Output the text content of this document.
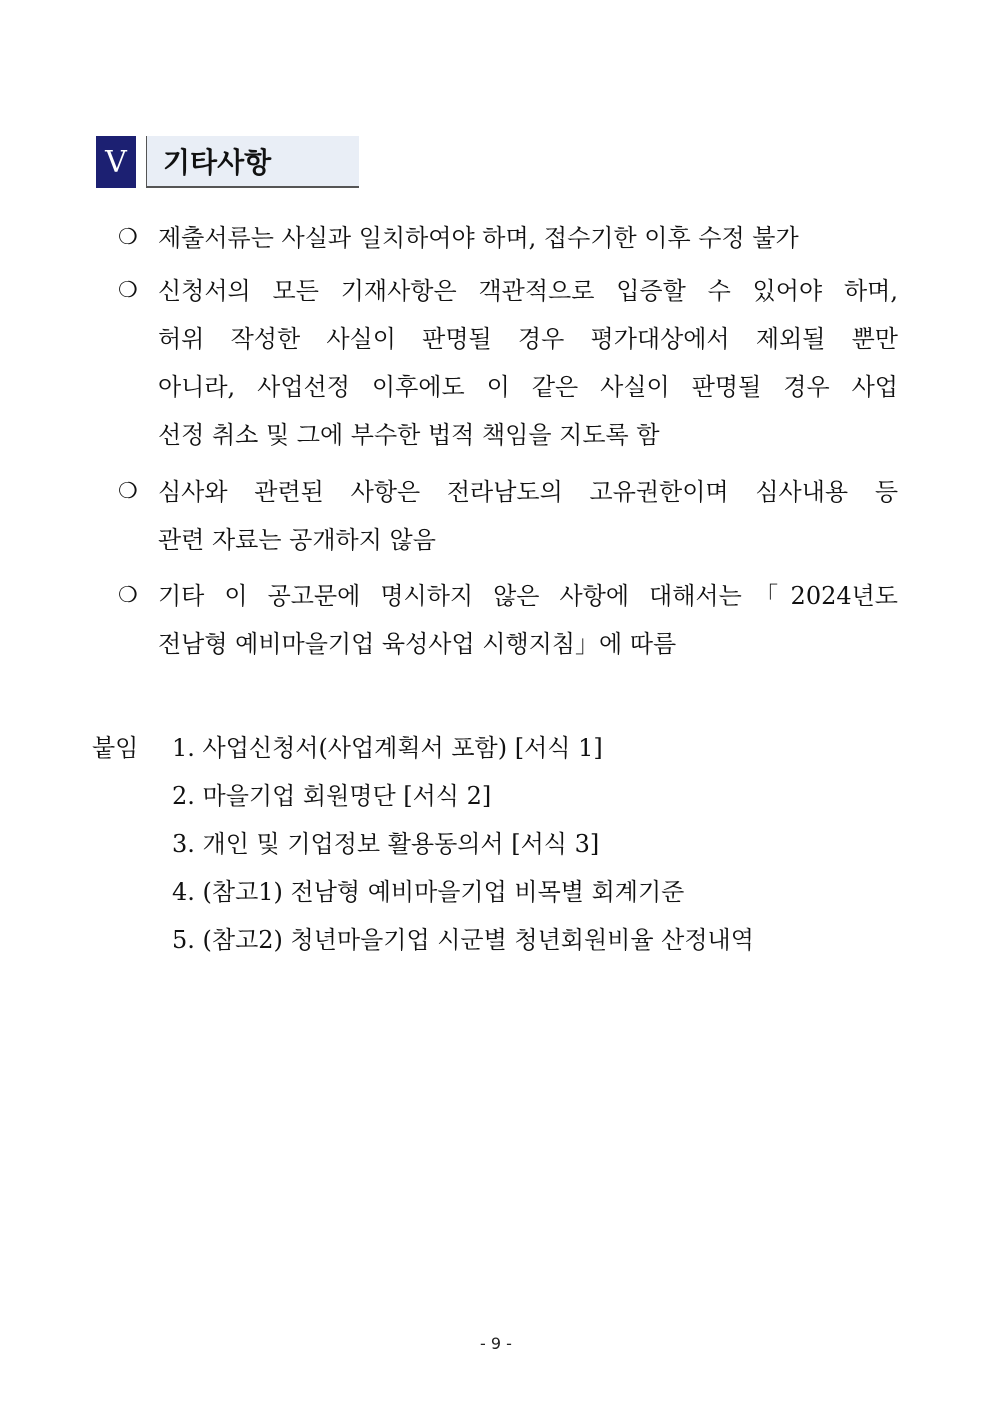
Ⅴ	기타사항
❍ 제출서류는 사실과 일치하여야 하며, 접수기한 이후 수정 불가
❍ 신청서의 모든 기재사항은 객관적으로 입증할 수 있어야 하며,
허위 작성한 사실이 판명될 경우 평가대상에서 제외될 뿐만
아니라, 사업선정 이후에도 이 같은 사실이 판명될 경우 사업
선정 취소 및 그에 부수한 법적 책임을 지도록 함
❍ 심사와 관련된 사항은 전라남도의 고유권한이며 심사내용 등
관련 자료는 공개하지 않음
❍ 기타 이 공고문에 명시하지 않은 사항에 대해서는「2024년도
전남형 예비마을기업 육성사업 시행지침」에 따름
붙임 1. 사업신청서(사업계획서 포함) [서식 1]
2. 마을기업 회원명단 [서식 2]
3. 개인 및 기업정보 활용동의서 [서식 3]
4. (참고1) 전남형 예비마을기업 비목별 회계기준
5. (참고2) 청년마을기업 시군별 청년회원비율 산정내역
- 9 -
